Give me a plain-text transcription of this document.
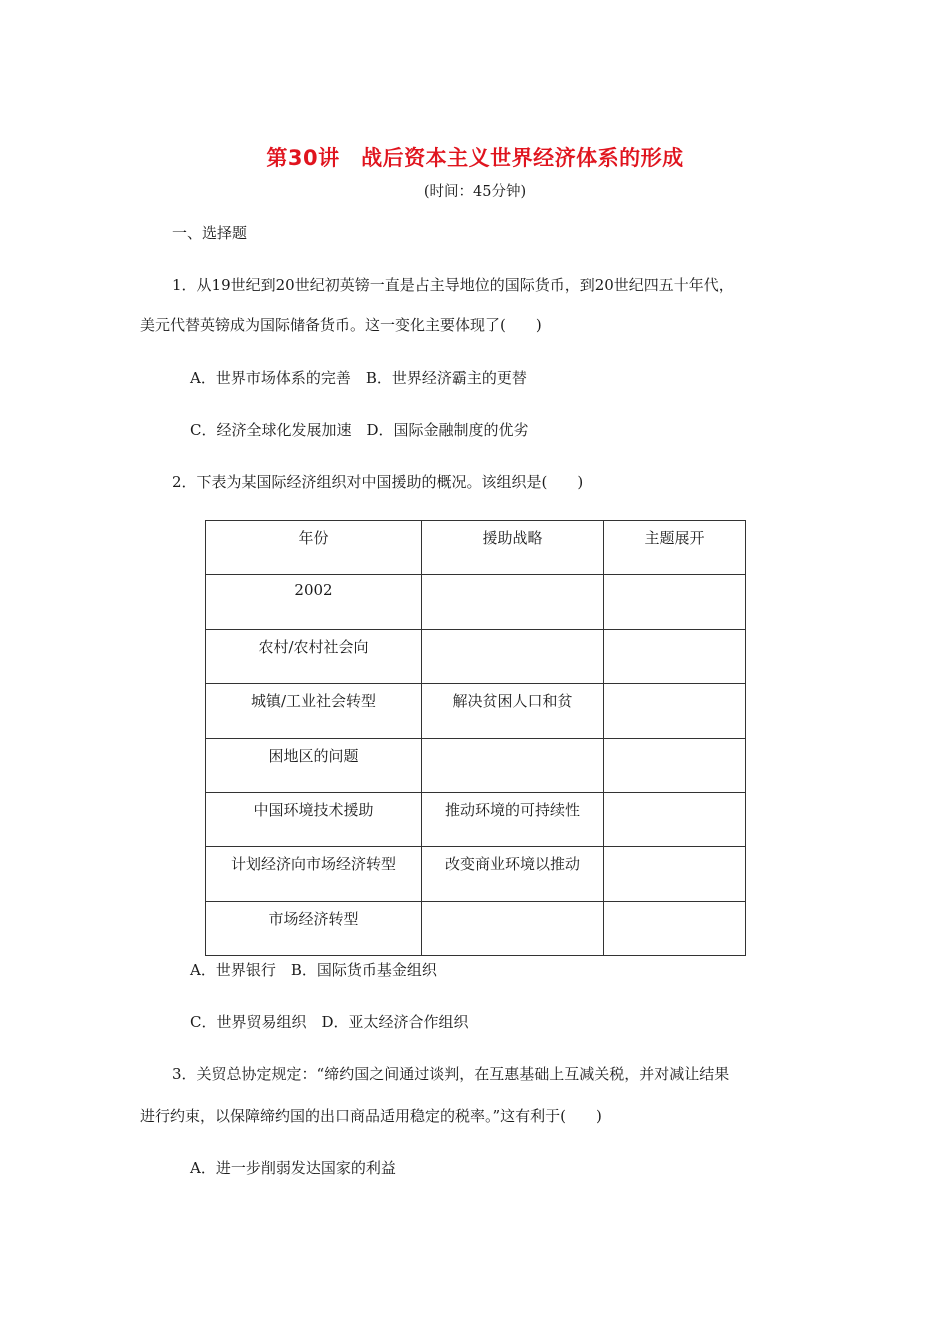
第30讲　战后资本主义世界经济体系的形成
(时间：45分钟)
一、选择题
1．从19世纪到20世纪初英镑一直是占主导地位的国际货币，到20世纪四五十年代，
美元代替英镑成为国际储备货币。这一变化主要体现了(　　)
A．世界市场体系的完善　B．世界经济霸主的更替
C．经济全球化发展加速　D．国际金融制度的优劣
2．下表为某国际经济组织对中国援助的概况。该组织是(　　)
年份	援助战略	主题展开
2002		
农村/农村社会向		
城镇/工业社会转型	解决贫困人口和贫	
困地区的问题		
中国环境技术援助	推动环境的可持续性	
计划经济向市场经济转型	改变商业环境以推动	
市场经济转型		
A．世界银行　B．国际货币基金组织
C．世界贸易组织　D．亚太经济合作组织
3．关贸总协定规定：“缔约国之间通过谈判，在互惠基础上互减关税，并对减让结果
进行约束，以保障缔约国的出口商品适用稳定的税率。”这有利于(　　)
A．进一步削弱发达国家的利益
